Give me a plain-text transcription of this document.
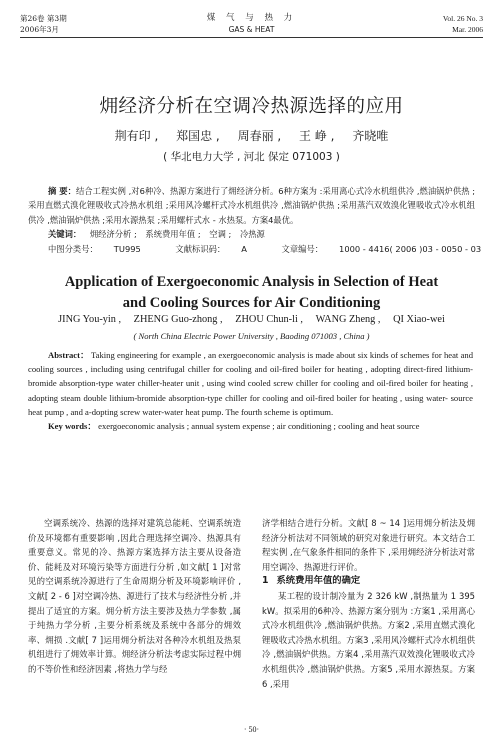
第26卷 第3期
2006年3月
煤 气 与 热 力
GAS & HEAT
Vol. 26 No. 3
Mar. 2006
㶲经济分析在空调冷热源选择的应用
荆有印 , 郑国忠 , 周春丽 , 王 峥 , 齐晓唯
( 华北电力大学 , 河北 保定 071003 )
摘 要：结合工程实例 ,对6种冷、热源方案进行了㶲经济分析。6种方案为 :采用离心式冷水机组供冷 ,燃油锅炉供热 ;采用直燃式溴化锂吸收式冷热水机组 ;采用风冷螺杆式冷水机组供冷 ,燃油锅炉供热 ;采用蒸汽双效溴化锂吸收式冷水机组供冷 ,燃油锅炉供热 ;采用水源热泵 ;采用螺杆式水 - 水热泵。方案4最优。
关键词： 㶲经济分析 ; 系统费用年值 ; 空调 ; 冷热源
中图分类号： TU995	文献标识码： A	文章编号： 1000 - 4416( 2006 )03 - 0050 - 03
Application of Exergoeconomic Analysis in Selection of Heat
and Cooling Sources for Air Conditioning
JING You-yin , ZHENG Guo-zhong , ZHOU Chun-li , WANG Zheng , QI Xiao-wei
( North China Electric Power University , Baoding 071003 , China )

Abstract： Taking engineering for example , an exergoeconomic analysis is made about six kinds of schemes for heat and cooling sources , including using centrifugal chiller for cooling and oil-fired boiler for heating , adopting direct-fired lithium-bromide absorption-type water chiller-heater unit , using wind cooled screw chiller for cooling and oil-fired boiler for heating , adopting steam double lithium-bromide absorption-type chiller for cooling and oil-fired boiler for heating , using water- source heat pump , and a-dopting screw water-water heat pump. The fourth scheme is optimum.

Key words： exergoeconomic analysis ; annual system expense ; air conditioning ; cooling and heat source

空调系统冷、热源的选择对建筑总能耗、空调系统造价及环境都有重要影响 ,因此合理选择空调冷、热源具有重要意义。常见的冷、热源方案选择方法主要从设备造价、能耗及对环境污染等方面进行分析 ,如文献[ 1 ]对常见的空调系统冷源进行了生命周期分析及环境影响评价 ,文献[ 2 - 6 ]对空调冷热、源进行了技术与经济性分析 ,并提出了适宜的方案。㶲分析方法主要涉及热力学参数 ,属于纯热力学分析 ,主要分析系统及系统中各部分的㶲效率、㶲损 .文献[ 7 ]运用㶲分析法对各种冷水机组及热泵机组进行了㶲效率计算。㶲经济分析法考虑实际过程中㶲的不等价性和经济因素 ,将热力学与经

济学相结合进行分析。文献[ 8 ~ 14 ]运用㶲分析法及㶲经济分析法对不同领域的研究对象进行研究。本文结合工程实例 ,在气象条件相同的条件下 ,采用㶲经济分析法对常用空调冷、热源进行评价。

1 系统费用年值的确定

某工程的设计制冷量为 2 326 kW ,制热量为 1 395 kW。拟采用的6种冷、热源方案分别为 :方案1 ,采用离心式冷水机组供冷 ,燃油锅炉供热。方案2 ,采用直燃式溴化锂吸收式冷热水机组。方案3 ,采用风冷螺杆式冷水机组供冷 ,燃油锅炉供热。方案4 ,采用蒸汽双效溴化锂吸收式冷水机组供冷 ,燃油锅炉供热。方案5 ,采用水源热泵。方案6 ,采用

· 50·
